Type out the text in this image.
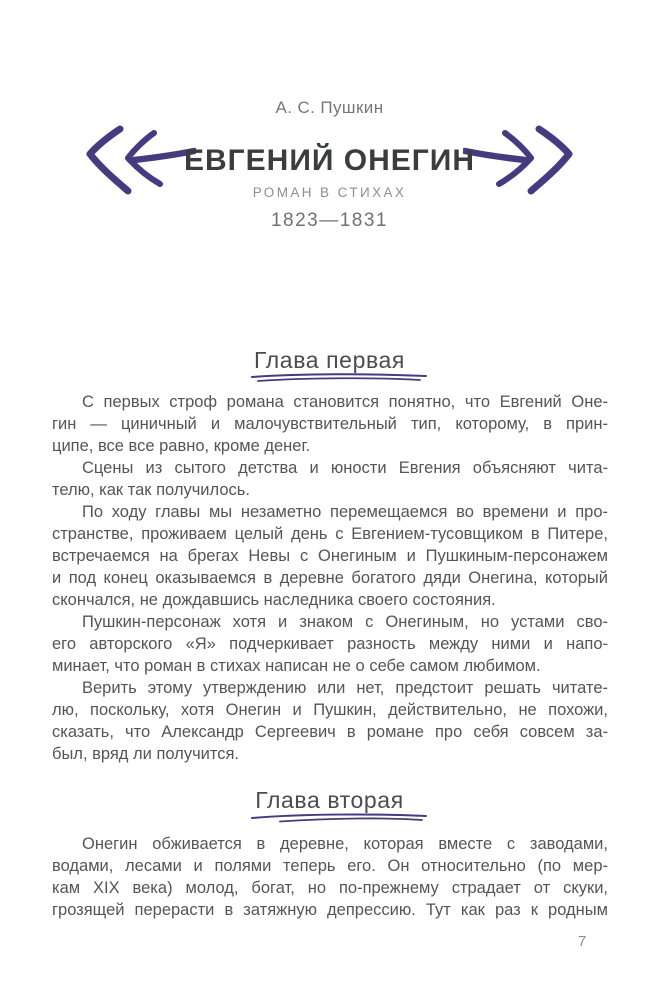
А. С. Пушкин
ЕВГЕНИЙ ОНЕГИН
РОМАН В СТИХАХ
1823—1831
Глава первая
С первых строф романа становится понятно, что Евгений Оне-
гин — циничный и малочувствительный тип, которому, в прин-
ципе, все все равно, кроме денег.
Сцены из сытого детства и юности Евгения объясняют чита-
телю, как так получилось.
По ходу главы мы незаметно перемещаемся во времени и про-
странстве, проживаем целый день с Евгением-тусовщиком в Питере,
встречаемся на брегах Невы с Онегиным и Пушкиным-персонажем
и под конец оказываемся в деревне богатого дяди Онегина, который
скончался, не дождавшись наследника своего состояния.
Пушкин-персонаж хотя и знаком с Онегиным, но устами сво-
его авторского «Я» подчеркивает разность между ними и напо-
минает, что роман в стихах написан не о себе самом любимом.
Верить этому утверждению или нет, предстоит решать читате-
лю, поскольку, хотя Онегин и Пушкин, действительно, не похожи,
сказать, что Александр Сергеевич в романе про себя совсем за-
был, вряд ли получится.
Глава вторая
Онегин обживается в деревне, которая вместе с заводами,
водами, лесами и полями теперь его. Он относительно (по мер-
кам XIX века) молод, богат, но по-прежнему страдает от скуки,
грозящей перерасти в затяжную депрессию. Тут как раз к родным
7
